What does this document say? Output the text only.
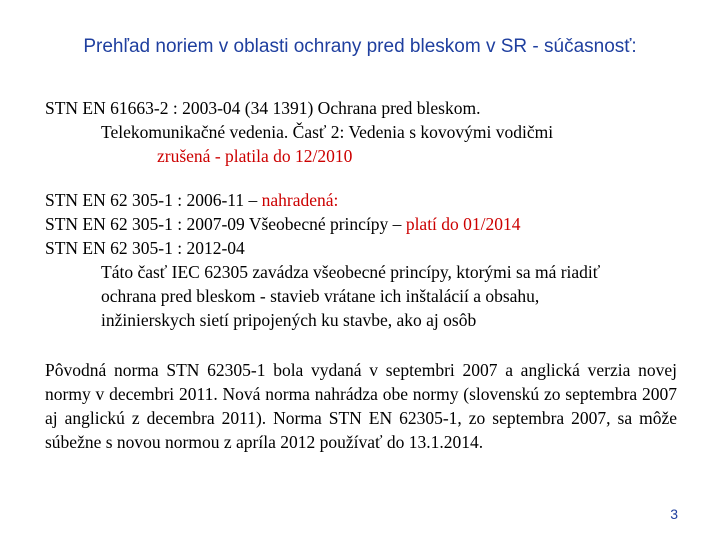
Prehľad noriem v oblasti ochrany pred bleskom v SR - súčasnosť:
STN EN 61663-2 : 2003-04 (34 1391) Ochrana pred bleskom.
Telekomunikačné vedenia. Časť 2: Vedenia s kovovými vodičmi
zrušená - platila do 12/2010
STN EN 62 305-1 : 2006-11 – nahradená:
STN EN 62 305-1 : 2007-09 Všeobecné princípy – platí do 01/2014
STN EN 62 305-1 : 2012-04
Táto časť IEC 62305 zavádza všeobecné princípy, ktorými sa má riadiť
ochrana pred bleskom - stavieb vrátane ich inštalácií a obsahu,
inžinierskych sietí pripojených ku stavbe, ako aj osôb
Pôvodná norma STN 62305-1 bola vydaná v septembri 2007 a anglická verzia novej normy v decembri 2011. Nová norma nahrádza obe normy (slovenskú zo septembra 2007 aj anglickú z decembra 2011). Norma STN EN 62305-1, zo septembra 2007, sa môže súbežne s novou normou z apríla 2012 používať do 13.1.2014.
3
